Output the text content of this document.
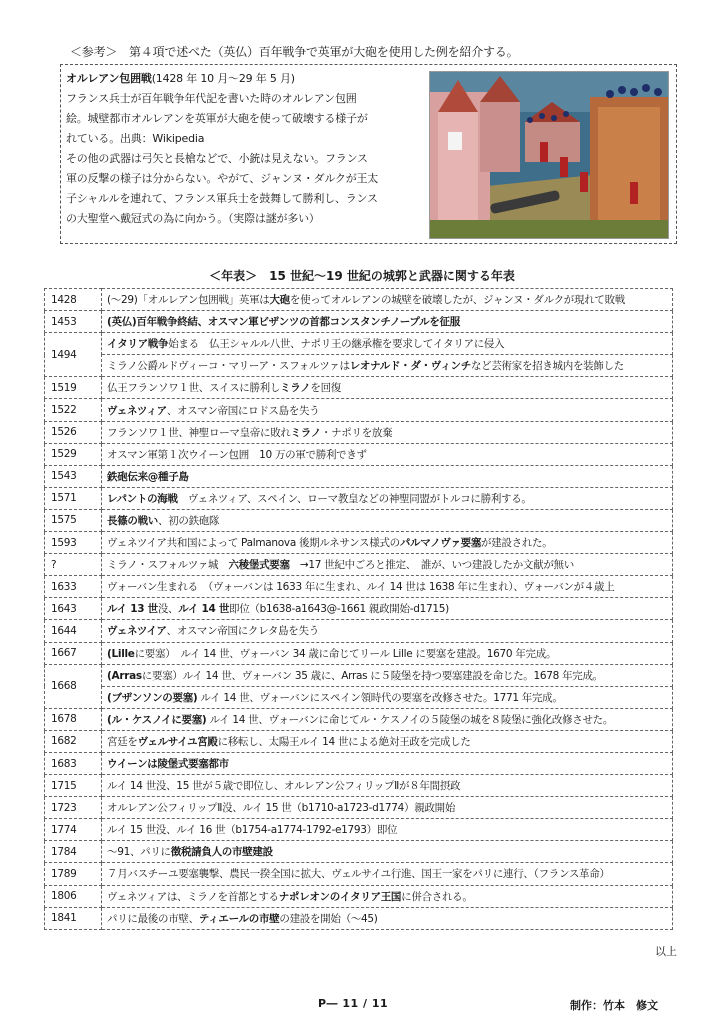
＜参考＞　第４項で述べた（英仏）百年戦争で英軍が大砲を使用した例を紹介する。

オルレアン包囲戦(1428 年 10 月～29 年 5 月)

フランス兵士が百年戦争年代記を書いた時のオルレアン包囲

絵。城壁都市オルレアンを英軍が大砲を使って破壊する様子が

れている。出典：Wikipedia

その他の武器は弓矢と長槍などで、小銃は見えない。フランス

軍の反撃の様子は分からない。やがて、ジャンヌ・ダルクが王太

子シャルルを連れて、フランス軍兵士を鼓舞して勝利し、ランス

の大聖堂へ戴冠式の為に向かう。（実際は謎が多い）

＜年表＞　15 世紀～19 世紀の城郭と武器に関する年表
1428	(～29)「オルレアン包囲戦」英軍は大砲を使ってオルレアンの城壁を破壊したが、ジャンヌ・ダルクが現れて敗戦
1453	(英仏)百年戦争終結、オスマン軍ビザンツの首都コンスタンチノープルを征服
1494	イタリア戦争始まる　仏王シャルル八世、ナポリ王の継承権を要求してイタリアに侵入
	ミラノ公爵ルドヴィーコ・マリーア・スフォルツァはレオナルド・ダ・ヴィンチなど芸術家を招き城内を装飾した
1519	仏王フランソワ１世、スイスに勝利しミラノを回復
1522	ヴェネツィア、オスマン帝国にロドス島を失う
1526	フランソワ１世、神聖ローマ皇帝に敗れミラノ・ナポリを放棄
1529	オスマン軍第１次ウイーン包囲　10 万の軍で勝利できず
1543	鉄砲伝来@種子島
1571	レパントの海戦　ヴェネツィア、スペイン、ローマ教皇などの神聖同盟がトルコに勝利する。
1575	長篠の戦い、初の鉄砲隊
1593	ヴェネツイア共和国によって Palmanova 後期ルネサンス様式のパルマノヴァ要塞が建設された。
?	ミラノ・スフォルツァ城　六稜堡式要塞　→17 世紀中ごろと推定、　誰が、いつ建設したか文献が無い
1633	ヴォーバン生まれる　（ヴォーバンは 1633 年に生まれ、ルイ 14 世は 1638 年に生まれ）、ヴォーバンが４歳上
1643	ルイ 13 世没、ルイ 14 世即位（b1638-a1643@-1661 親政開始-d1715)
1644	ヴェネツイア、オスマン帝国にクレタ島を失う
1667	(Lilleに要塞）　ルイ 14 世、ヴォーバン 34 歳に命じてリール Lille に要塞を建設。1670 年完成。
1668	(Arrasに要塞）ルイ 14 世、ヴォーバン 35 歳に、Arras に５陵堡を持つ要塞建設を命じた。1678 年完成。
	(ブザンソンの要塞) ルイ 14 世、ヴォーバンにスペイン領時代の要塞を改修させた。1771 年完成。
1678	(ル・ケスノイに要塞) ルイ 14 世、ヴォーバンに命じてル・ケスノイの５陵堡の城を８陵堡に強化改修させた。
1682	宮廷をヴェルサイユ宮殿に移転し、太陽王ルイ 14 世による絶対王政を完成した
1683	ウイーンは陵堡式要塞都市
1715	ルイ 14 世没、15 世が５歳で即位し、オルレアン公フィリップⅡが８年間摂政
1723	オルレアン公フィリップⅡ没、ルイ 15 世（b1710-a1723-d1774）親政開始
1774	ルイ 15 世没、ルイ 16 世（b1754-a1774-1792-e1793）即位
1784	～91、パリに徴税請負人の市壁建設
1789	７月バスチーユ要塞襲撃、農民一揆全国に拡大、ヴェルサイユ行進、国王一家をパリに連行、（フランス革命）
1806	ヴェネツィアは、ミラノを首都とするナポレオンのイタリア王国に併合される。
1841	パリに最後の市壁、ティエールの市壁の建設を開始（～45)
以上
P― 11 / 11	制作：竹本　修文
